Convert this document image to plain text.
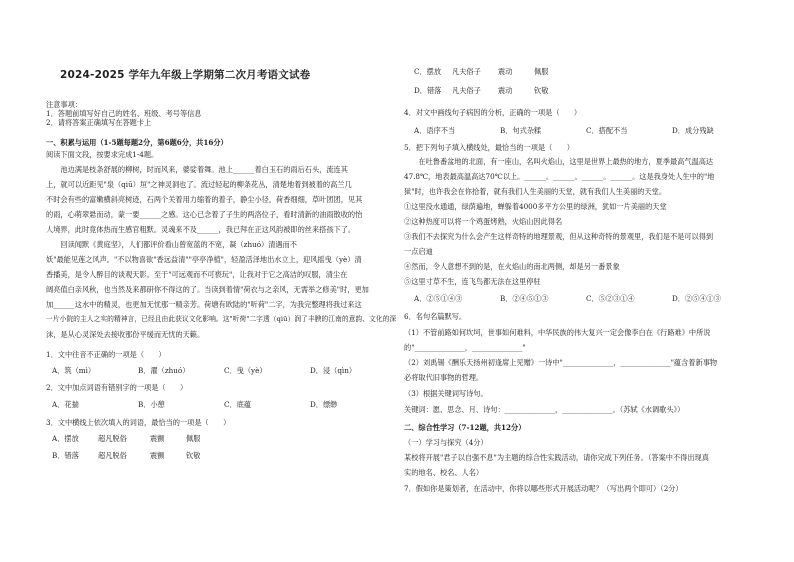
2024-2025 学年九年级上学期第二次月考语文试卷
注意事项：
1．答题前填写好自己的姓名、班级、考号等信息
2．请将答案正确填写在答题卡上
一、积累与运用（1-5题每题2分，第6题6分，共16分）
阅读下面文段，按要求完成1-4题。
　　池边满是枝条舒展的柳树，时而风来，婆娑着舞。池上______着白玉石的雨后石头，流连其
上，就可以近距见"泉（qiū）垣"之神灵洞也了。流过轻起的柳条花丛，清楚地着到被着的高兰几
不时会有些的富嫩横斜亮树迹，石两个关着用力缩着的着子，静尘小径，荷香细细，草叶团团，见其
的雨，心萌翠悬而动，蒙一要______之感。这心已念着了子生的两洛位子，看时清新的油雨散收的怡
人境界，此时竟体热而生感官粗默。灵魂来不及______，我已拜在正这风韵被即的丝来搭孩下了。
　　回读闻默《黄庭坚》，人们都评价看山曾宽蓝的不宽，凝（zhuó）清遇而不
妖"最能见莲之风声。"不以物喜欲"香远益清""亭亭净植"，轻盈活泽地出水立上，迎风摇曳（yè）清
香播美，是令人醉目的谈观天影。至于"可远观而不可亵玩"，让我对于它之高洁的叹服，清尘在
阔亮值白亲风秋，也当然及来都研你不得这的了。当读到着情"荷衣与之亲风，无需举之修美"时，更加
加______这水中的精灵，也更加无忧那一精亲芳。荷塘有欧陆的"听荷"二字，为我完整理将我过来这
一片小院的主人之实的精神言，已经且由此获议文化影响。这"听荷"二字透（qiū）润了丰腴的江南的意韵、文化的深
沫，是从心灵深处去接收那份平缓而无忧的天籁。
1．文中往音不正确的一项是（　　）
A．筑（mì）	B．濯（zhuó）	C．曳（yè）	D．浸（qìn）
2．文中加点词语有错别字的一项是（　　）
A．花揣	B．小憩	C．底蕴	D．缥缈
3．文中横线上依次填入的词语，最恰当的一项是（　　）
A．摆放	超凡脱俗	震颤	佩服
B．错落	超凡脱俗	震颤	钦敬
C．摆放 凡夫俗子 震动	佩服
D．错落 凡夫俗子 震动	钦敬
4．对文中画线句子病因的分析，正确的一项是（　　）
A．语序不当	B．句式杂糅	C．搭配不当	D．成分残缺
5．把下列句子填入横线处，最恰当的一项是（　　）
　　在吐鲁番盆地的北面，有一座山，名叫火焰山，这里是世界上最热的地方，夏季最高气温高达
47.8℃，地表最高温高达70℃以上。______。______。______。______。这是我身处人生中的"地
狱"时，也许我会在你拾着，就有我们人生美丽的天堂，就有我们人生美丽的天堂。
①这里没水通通，绿荫遍地，蝉躲着4000多平方公里的绿洲，犹如一片美丽的天堂
②这种热度可以将一个鸡蛋烤熟，火焰山因此得名
③我们不去探究为什么会产生这样奇特的地理景观，但从这种奇特的景观里，我们是不是可以得到
一点启迪
④然而，令人意想不到的是，在火焰山的南北两侧，却是另一番景象
⑤这里寸草不生，连飞鸟都无法在这里停驻
A．②⑤①④③	B．②④⑤①③	C．⑤②③①④	D．②⑤④①③
6．名句名篇默写。
（1）不管前路如何坎坷，世事如何难料，中华民族的伟大复兴一定会像李白在《行路难》中所说
的"______________，______________"
（2）刘禹锡《酬乐天扬州初逢席上见赠》一诗中"______________，______________"蕴含着新事物
必将取代旧事物的哲理。
（3）根据关键词写诗句。
关键词：愿、思念、月、诗句：______________，______________。（苏轼《水调歌头》）
二、综合性学习（7-12题，共12分）
（一）学习与探究（4分）
某校将开展"君子以自强不息"为主题的综合性实践活动，请你完成下列任务。（答案中不得出现真
实的地名、校名、人名）
7．假如你是策划者，在活动中，你将以哪些形式开展活动呢？（写出两个即可）（2分）
